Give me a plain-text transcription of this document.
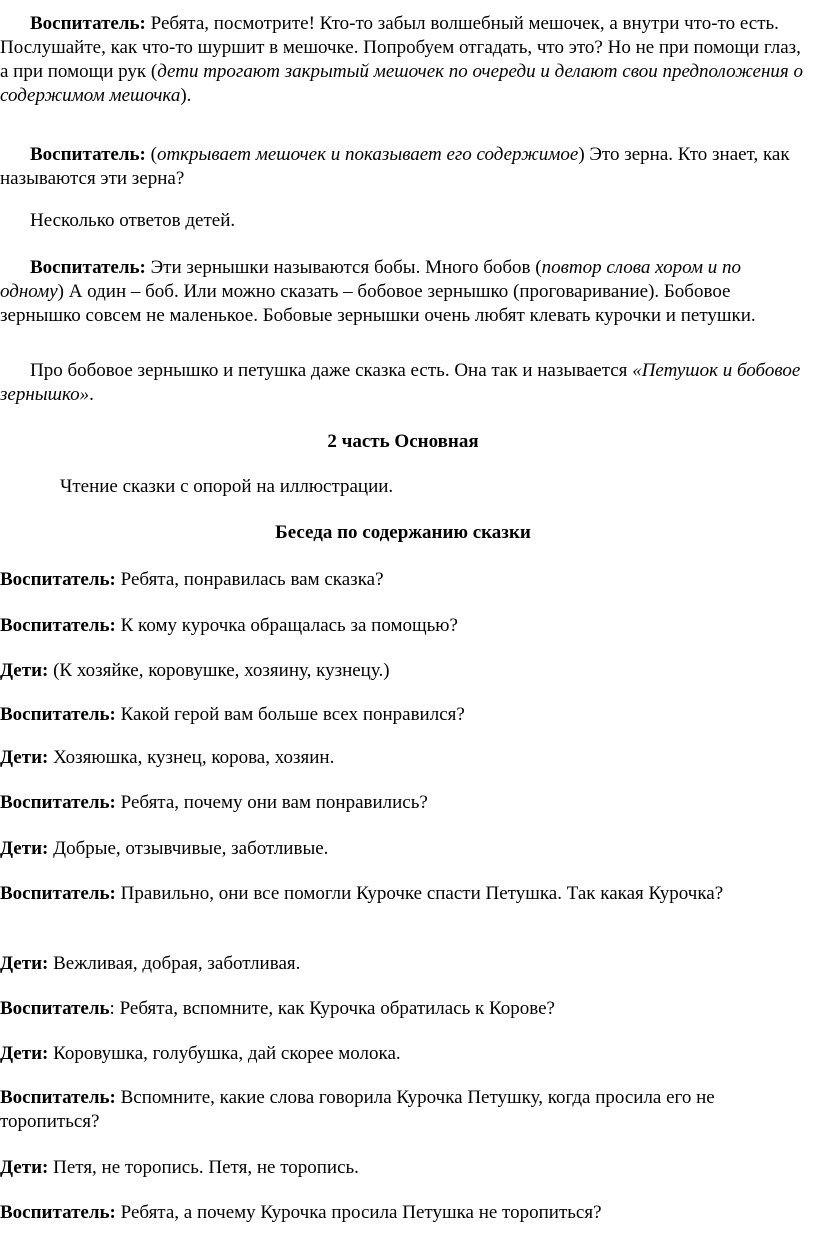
Воспитатель: Ребята, посмотрите! Кто-то забыл волшебный мешочек, а внутри что-то есть. Послушайте, как что-то шуршит в мешочке. Попробуем отгадать, что это? Но не при помощи глаз, а при помощи рук (дети трогают закрытый мешочек по очереди и делают свои предположения о содержимом мешочка).

Воспитатель: (открывает мешочек и показывает его содержимое) Это зерна. Кто знает, как называются эти зерна?

Несколько ответов детей.

Воспитатель: Эти зернышки называются бобы. Много бобов (повтор слова хором и по одному) А один – боб. Или можно сказать – бобовое зернышко (проговаривание). Бобовое зернышко совсем не маленькое. Бобовые зернышки очень любят клевать курочки и петушки.

Про бобовое зернышко и петушка даже сказка есть. Она так и называется «Петушок и бобовое зернышко».

2 часть Основная

Чтение сказки с опорой на иллюстрации.

Беседа по содержанию сказки

Воспитатель: Ребята, понравилась вам сказка?

Воспитатель: К кому курочка обращалась за помощью?

Дети: (К хозяйке, коровушке, хозяину, кузнецу.)

Воспитатель: Какой герой вам больше всех понравился?

Дети: Хозяюшка, кузнец, корова, хозяин.

Воспитатель: Ребята, почему они вам понравились?

Дети: Добрые, отзывчивые, заботливые.

Воспитатель: Правильно, они все помогли Курочке спасти Петушка. Так какая Курочка?

Дети: Вежливая, добрая, заботливая.

Воспитатель: Ребята, вспомните, как Курочка обратилась к Корове?

Дети: Коровушка, голубушка, дай скорее молока.

Воспитатель: Вспомните, какие слова говорила Курочка Петушку, когда просила его не торопиться?

Дети: Петя, не торопись. Петя, не торопись.

Воспитатель: Ребята, а почему Курочка просила Петушка не торопиться?
